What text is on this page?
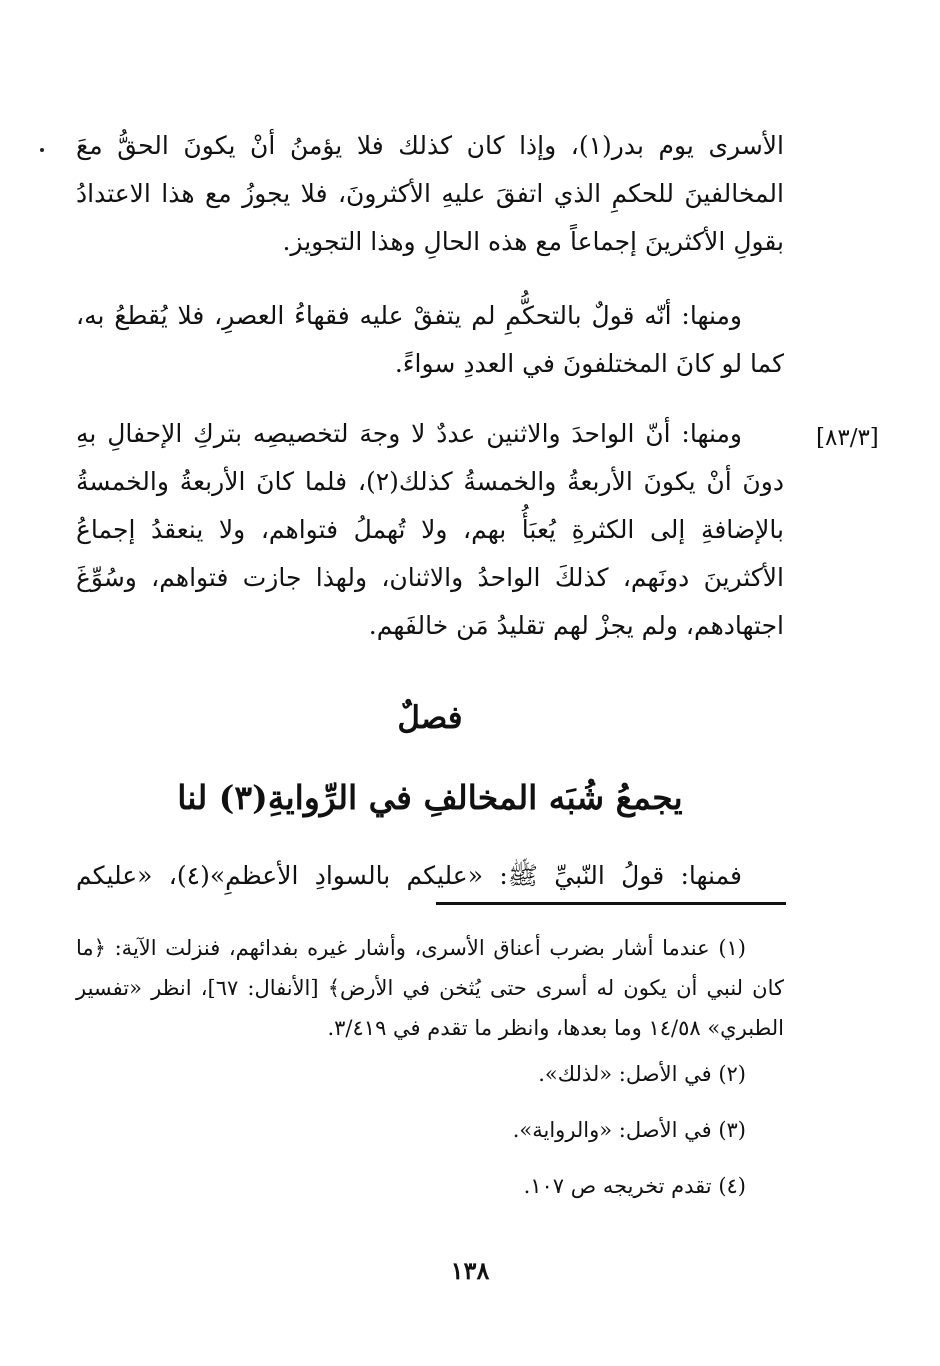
الأسرى يوم بدر(١)، وإذا كان كذلك فلا يؤمنُ أنْ يكونَ الحقُّ معَ المخالفينَ للحكمِ الذي اتفقَ عليهِ الأكثرونَ، فلا يجوزُ مع هذا الاعتدادُ بقولِ الأكثرينَ إجماعاً مع هذه الحالِ وهذا التجويز.

ومنها: أنّه قولٌ بالتحكُّمِ لم يتفقْ عليه فقهاءُ العصرِ، فلا يُقطعُ به، كما لو كانَ المختلفونَ في العددِ سواءً.

[٨٣/٣]

ومنها: أنّ الواحدَ والاثنين عددٌ لا وجهَ لتخصيصِه بتركِ الإحفالِ بهِ دونَ أنْ يكونَ الأربعةُ والخمسةُ كذلك(٢)، فلما كانَ الأربعةُ والخمسةُ بالإضافةِ إلى الكثرةِ يُعبَأُ بهم، ولا تُهملُ فتواهم، ولا ينعقدُ إجماعُ الأكثرينَ دونَهم، كذلكَ الواحدُ والاثنان، ولهذا جازت فتواهم، وسُوِّغَ اجتهادهم، ولم يجزْ لهم تقليدُ مَن خالفَهم.

فصلٌ
يجمعُ شُبَه المخالفِ في الرِّوايةِ(٣) لنا

فمنها: قولُ النّبيِّ ﷺ: «عليكم بالسوادِ الأعظمِ»(٤)، «عليكم

(١) عندما أشار بضرب أعناق الأسرى، وأشار غيره بفدائهم، فنزلت الآية: ﴿ما كان لنبي أن يكون له أسرى حتى يُثخن في الأرض﴾ [الأنفال: ٦٧]، انظر «تفسير الطبري» ١٤/٥٨ وما بعدها، وانظر ما تقدم في ٣/٤١٩.

(٢) في الأصل: «لذلك».

(٣) في الأصل: «والرواية».

(٤) تقدم تخريجه ص ١٠٧.

١٣٨
